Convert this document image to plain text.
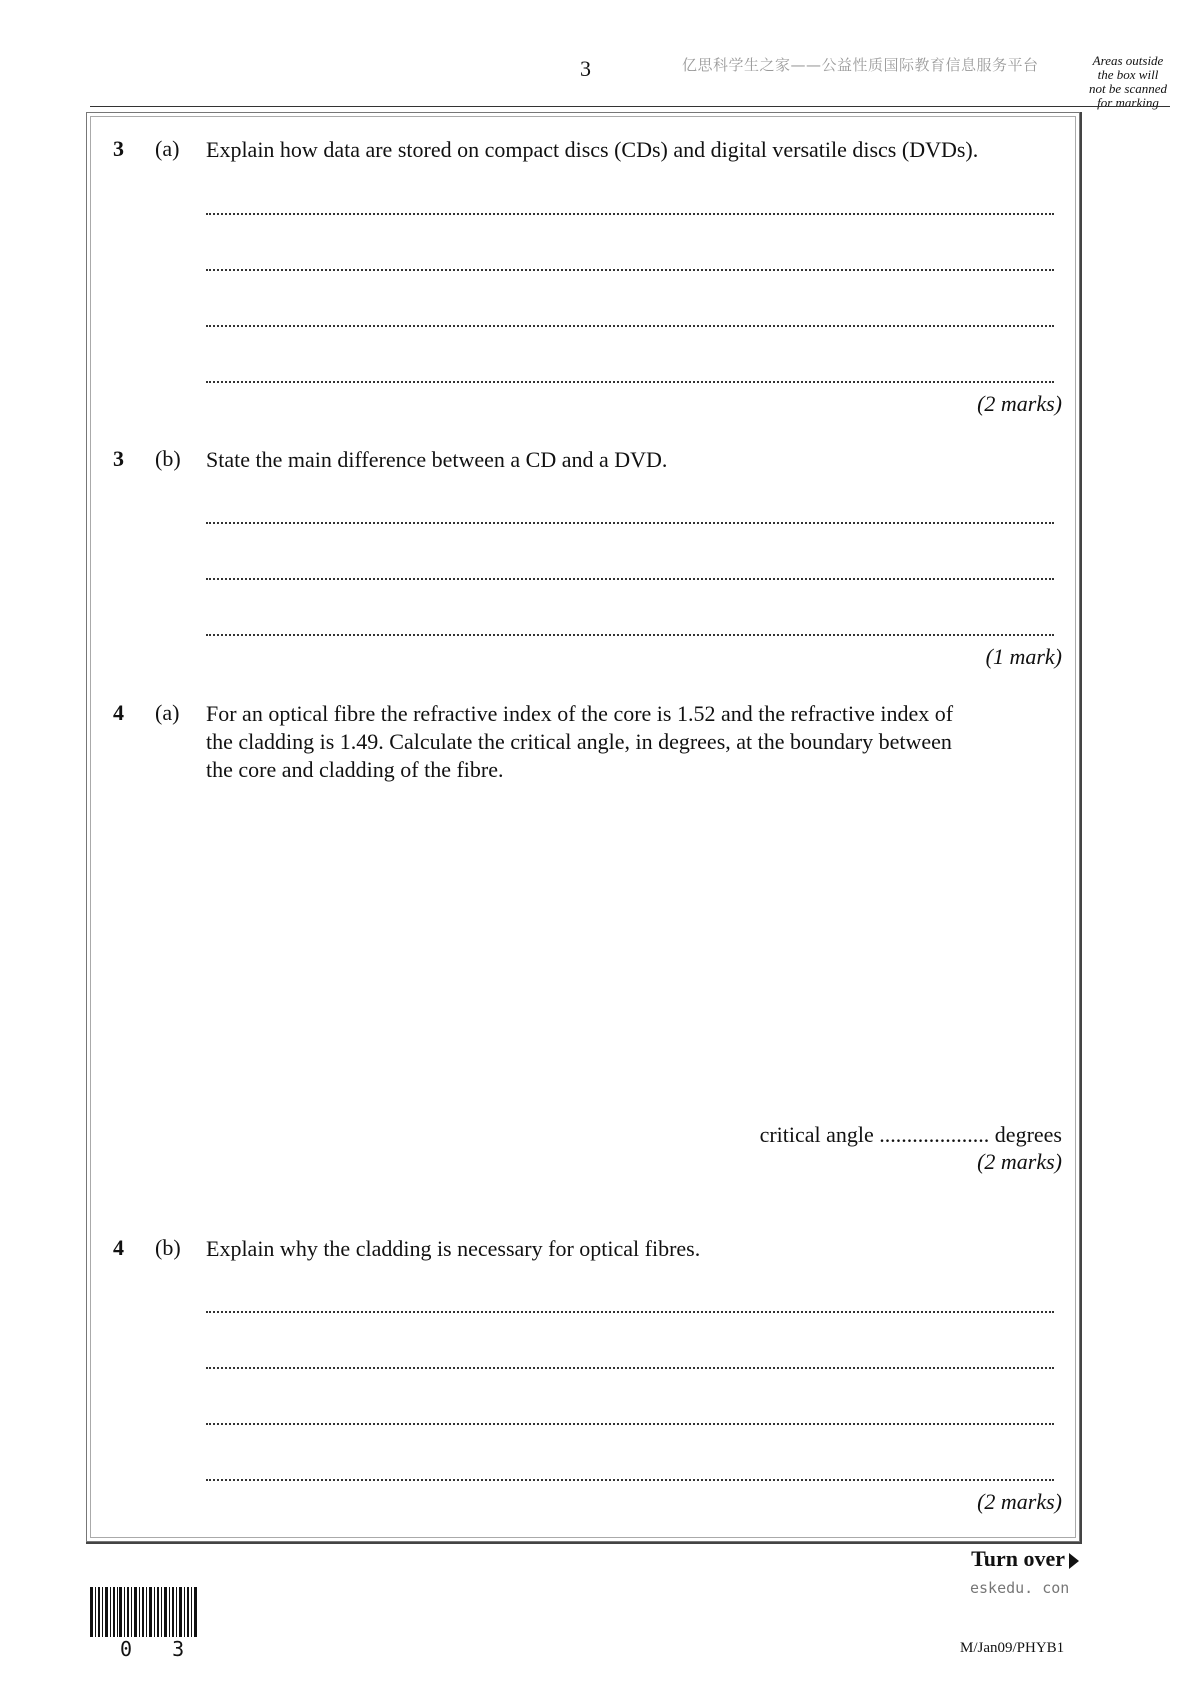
3	亿思科学生之家——公益性质国际教育信息服务平台	Areas outside
the box will
not be scanned
for marking
3 (a) Explain how data are stored on compact discs (CDs) and digital versatile discs (DVDs).
(2 marks)
3 (b) State the main difference between a CD and a DVD.
(1 mark)
4 (a) For an optical fibre the refractive index of the core is 1.52 and the refractive index of
the cladding is 1.49. Calculate the critical angle, in degrees, at the boundary between
the core and cladding of the fibre.
critical angle .................... degrees
(2 marks)
4 (b) Explain why the cladding is necessary for optical fibres.
(2 marks)
Turn over
eskedu. con
0 3	M/Jan09/PHYB1
